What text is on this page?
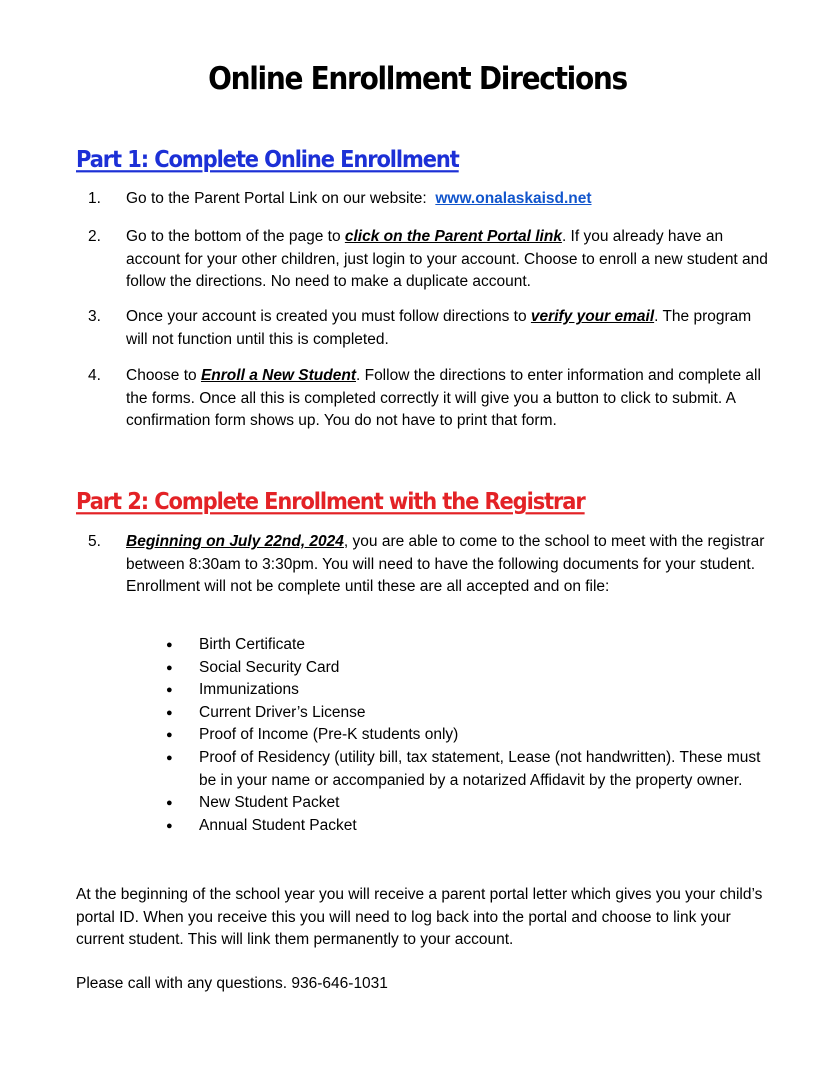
Online Enrollment Directions
Part 1: Complete Online Enrollment
1. Go to the Parent Portal Link on our website: www.onalaskaisd.net
2. Go to the bottom of the page to click on the Parent Portal link. If you already have an account for your other children, just login to your account. Choose to enroll a new student and follow the directions. No need to make a duplicate account.
3. Once your account is created you must follow directions to verify your email. The program will not function until this is completed.
4. Choose to Enroll a New Student. Follow the directions to enter information and complete all the forms. Once all this is completed correctly it will give you a button to click to submit. A confirmation form shows up. You do not have to print that form.
Part 2: Complete Enrollment with the Registrar
5. Beginning on July 22nd, 2024, you are able to come to the school to meet with the registrar between 8:30am to 3:30pm. You will need to have the following documents for your student. Enrollment will not be complete until these are all accepted and on file:
● Birth Certificate
● Social Security Card
● Immunizations
● Current Driver’s License
● Proof of Income (Pre-K students only)
● Proof of Residency (utility bill, tax statement, Lease (not handwritten). These must be in your name or accompanied by a notarized Affidavit by the property owner.
● New Student Packet
● Annual Student Packet

At the beginning of the school year you will receive a parent portal letter which gives you your child’s portal ID. When you receive this you will need to log back into the portal and choose to link your current student. This will link them permanently to your account.

Please call with any questions. 936-646-1031
